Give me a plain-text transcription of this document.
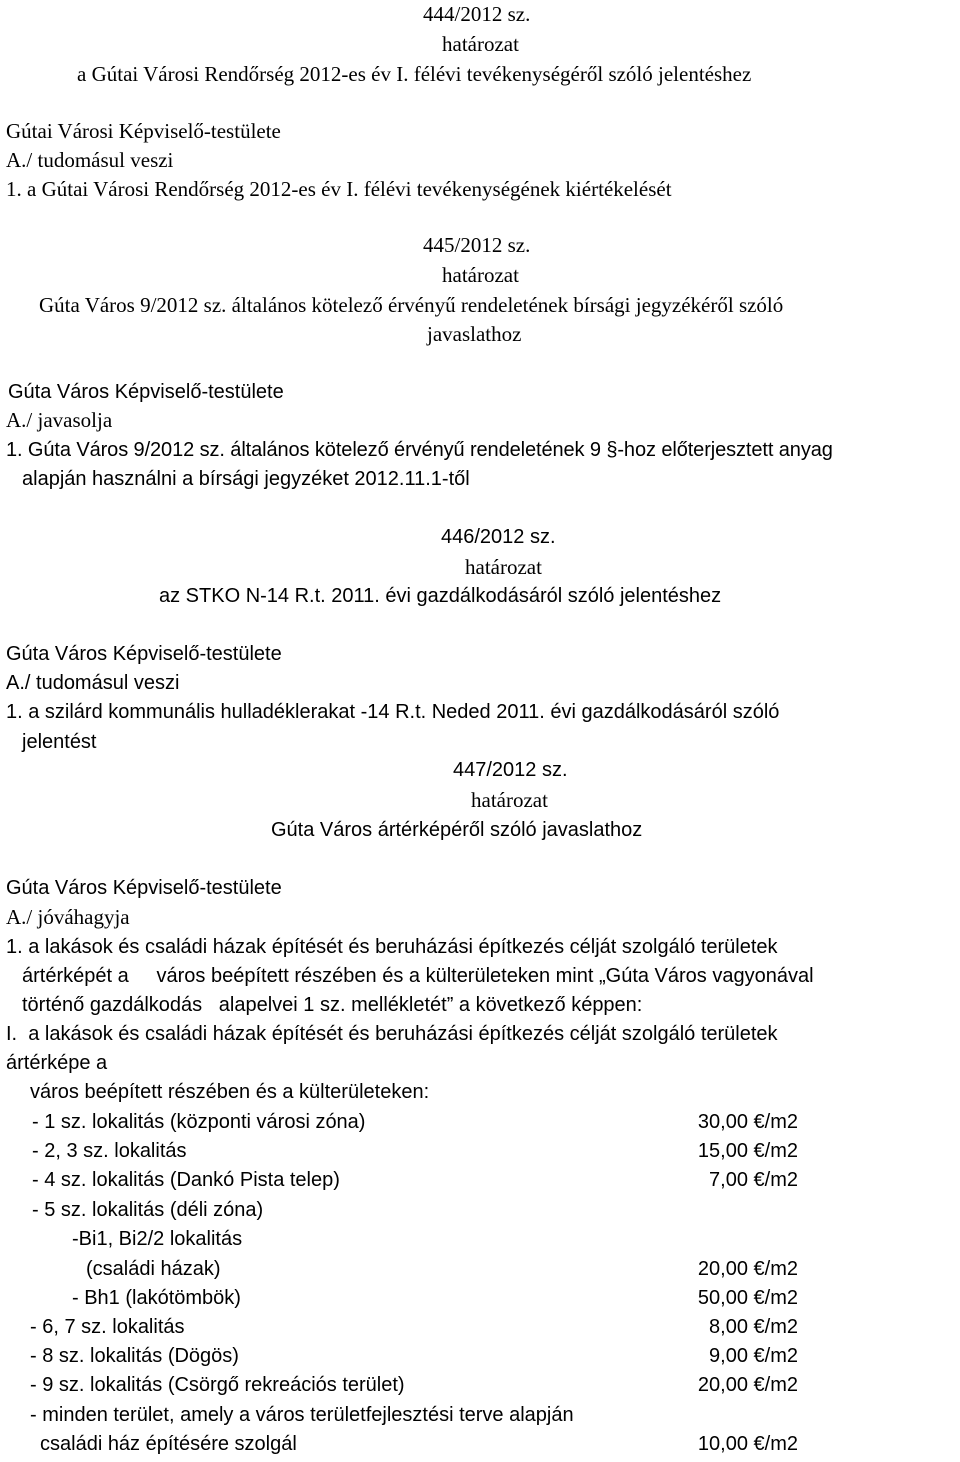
444/2012 sz.
határozat
a Gútai Városi Rendőrség 2012-es év I. félévi tevékenységéről szóló jelentéshez
Gútai Városi Képviselő-testülete
A./ tudomásul veszi
1. a Gútai Városi Rendőrség 2012-es év I. félévi tevékenységének kiértékelését
445/2012 sz.
határozat
Gúta Város 9/2012 sz. általános kötelező érvényű rendeletének bírsági jegyzékéről szóló
javaslathoz
Gúta Város Képviselő-testülete
A./ javasolja
1. Gúta Város 9/2012 sz. általános kötelező érvényű rendeletének 9 §-hoz előterjesztett anyag
alapján használni a bírsági jegyzéket 2012.11.1-től
446/2012 sz.
határozat
az STKO N-14 R.t. 2011. évi gazdálkodásáról szóló jelentéshez
Gúta Város Képviselő-testülete
A./ tudomásul veszi
1. a szilárd kommunális hulladéklerakat -14 R.t. Neded 2011. évi gazdálkodásáról szóló
jelentést
447/2012 sz.
határozat
Gúta Város ártérképéről szóló javaslathoz
Gúta Város Képviselő-testülete
A./ jóváhagyja
1. a lakások és családi házak építését és beruházási építkezés célját szolgáló területek
ártérképét a     város beépített részében és a külterületeken mint „Gúta Város vagyonával
történő gazdálkodás   alapelvei 1 sz. mellékletét” a következő képpen:
I.  a lakások és családi házak építését és beruházási építkezés célját szolgáló területek
ártérképe a
város beépített részében és a külterületeken:
- 1 sz. lokalitás (központi városi zóna)	30,00 €/m2
- 2, 3 sz. lokalitás	15,00 €/m2
- 4 sz. lokalitás (Dankó Pista telep)	7,00 €/m2
- 5 sz. lokalitás (déli zóna)
-Bi1, Bi2/2 lokalitás
(családi házak)	20,00 €/m2
- Bh1 (lakótömbök)	50,00 €/m2
- 6, 7 sz. lokalitás	8,00 €/m2
- 8 sz. lokalitás (Dögös)	9,00 €/m2
- 9 sz. lokalitás (Csörgő rekreációs terület)	20,00 €/m2
- minden terület, amely a város területfejlesztési terve alapján
családi ház építésére szolgál	10,00 €/m2
